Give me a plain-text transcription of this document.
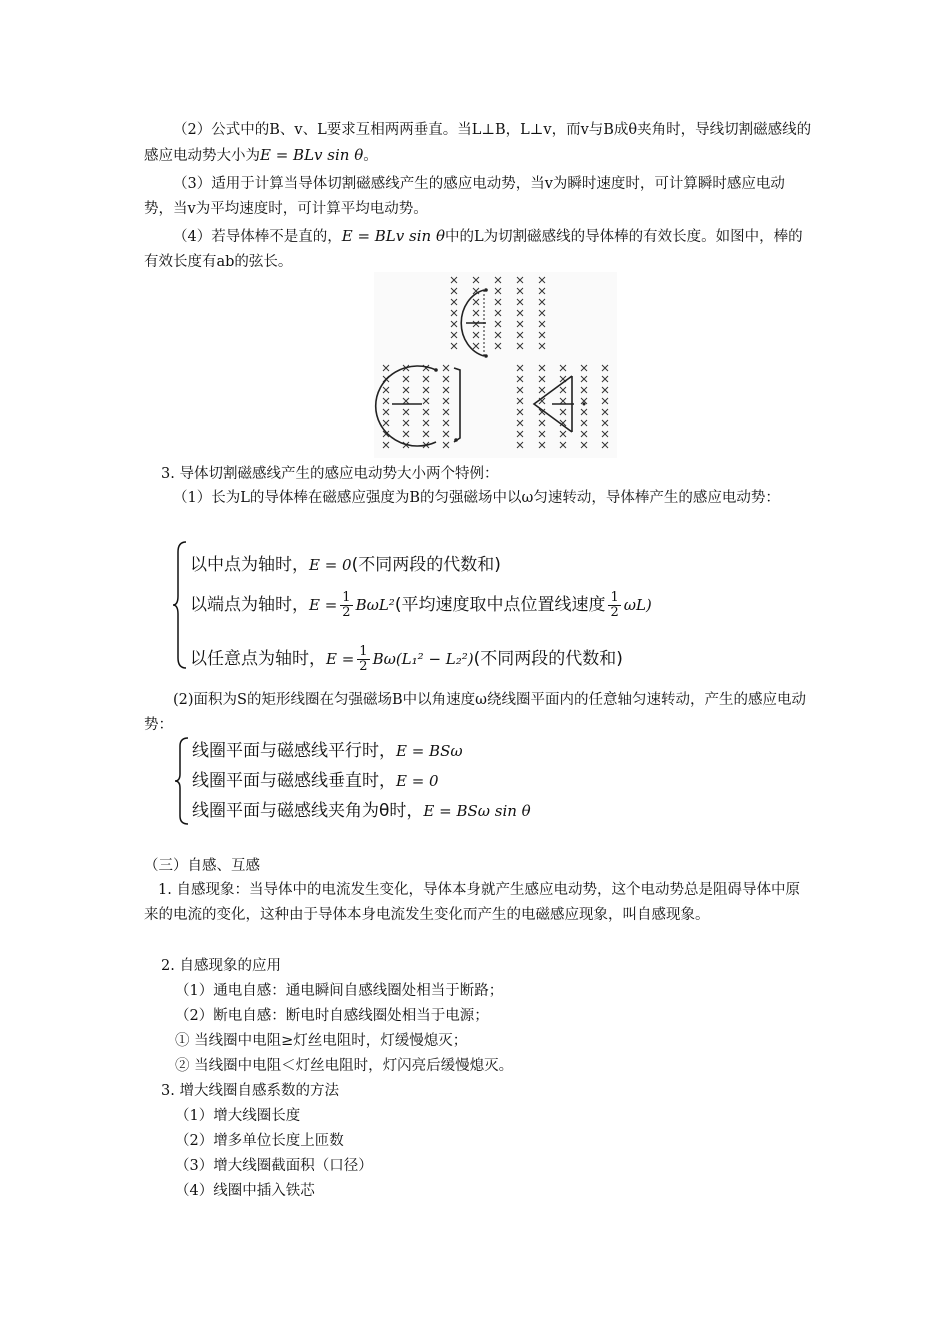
（2）公式中的B、v、L要求互相两两垂直。当L⊥B，L⊥v，而v与B成θ夹角时，导线切割磁感线的感应电动势大小为E = BLv sin θ。

（3）适用于计算当导体切割磁感线产生的感应电动势，当v为瞬时速度时，可计算瞬时感应电动势，当v为平均速度时，可计算平均电动势。

（4）若导体棒不是直的，E = BLv sin θ中的L为切割磁感线的导体棒的有效长度。如图中，棒的有效长度有ab的弦长。

3. 导体切割磁感线产生的感应电动势大小两个特例：

（1）长为L的导体棒在磁感应强度为B的匀强磁场中以ω匀速转动，导体棒产生的感应电动势：

以中点为轴时，E = 0(不同两段的代数和)
以端点为轴时，$E = \frac{1}{2} B\omega L^2$(平均速度取中点位置线速度 $\frac{1}{2} \omega L$)
以任意点为轴时，$E = \frac{1}{2} B\omega(L_1^2 - L_2^2)$(不同两段的代数和)

(2)面积为S的矩形线圈在匀强磁场B中以角速度ω绕线圈平面内的任意轴匀速转动，产生的感应电动势：

线圈平面与磁感线平行时，E = BSω
线圈平面与磁感线垂直时，E = 0
线圈平面与磁感线夹角为θ时，E = BSω sin θ
（三）自感、互感

1. 自感现象：当导体中的电流发生变化，导体本身就产生感应电动势，这个电动势总是阻碍导体中原来的电流的变化，这种由于导体本身电流发生变化而产生的电磁感应现象，叫自感现象。

2. 自感现象的应用
（1）通电自感：通电瞬间自感线圈处相当于断路；
（2）断电自感：断电时自感线圈处相当于电源；
① 当线圈中电阻≥灯丝电阻时，灯缓慢熄灭；
② 当线圈中电阻＜灯丝电阻时，灯闪亮后缓慢熄灭。
3. 增大线圈自感系数的方法
（1）增大线圈长度
（2）增多单位长度上匝数
（3）增大线圈截面积（口径）
（4）线圈中插入铁芯
